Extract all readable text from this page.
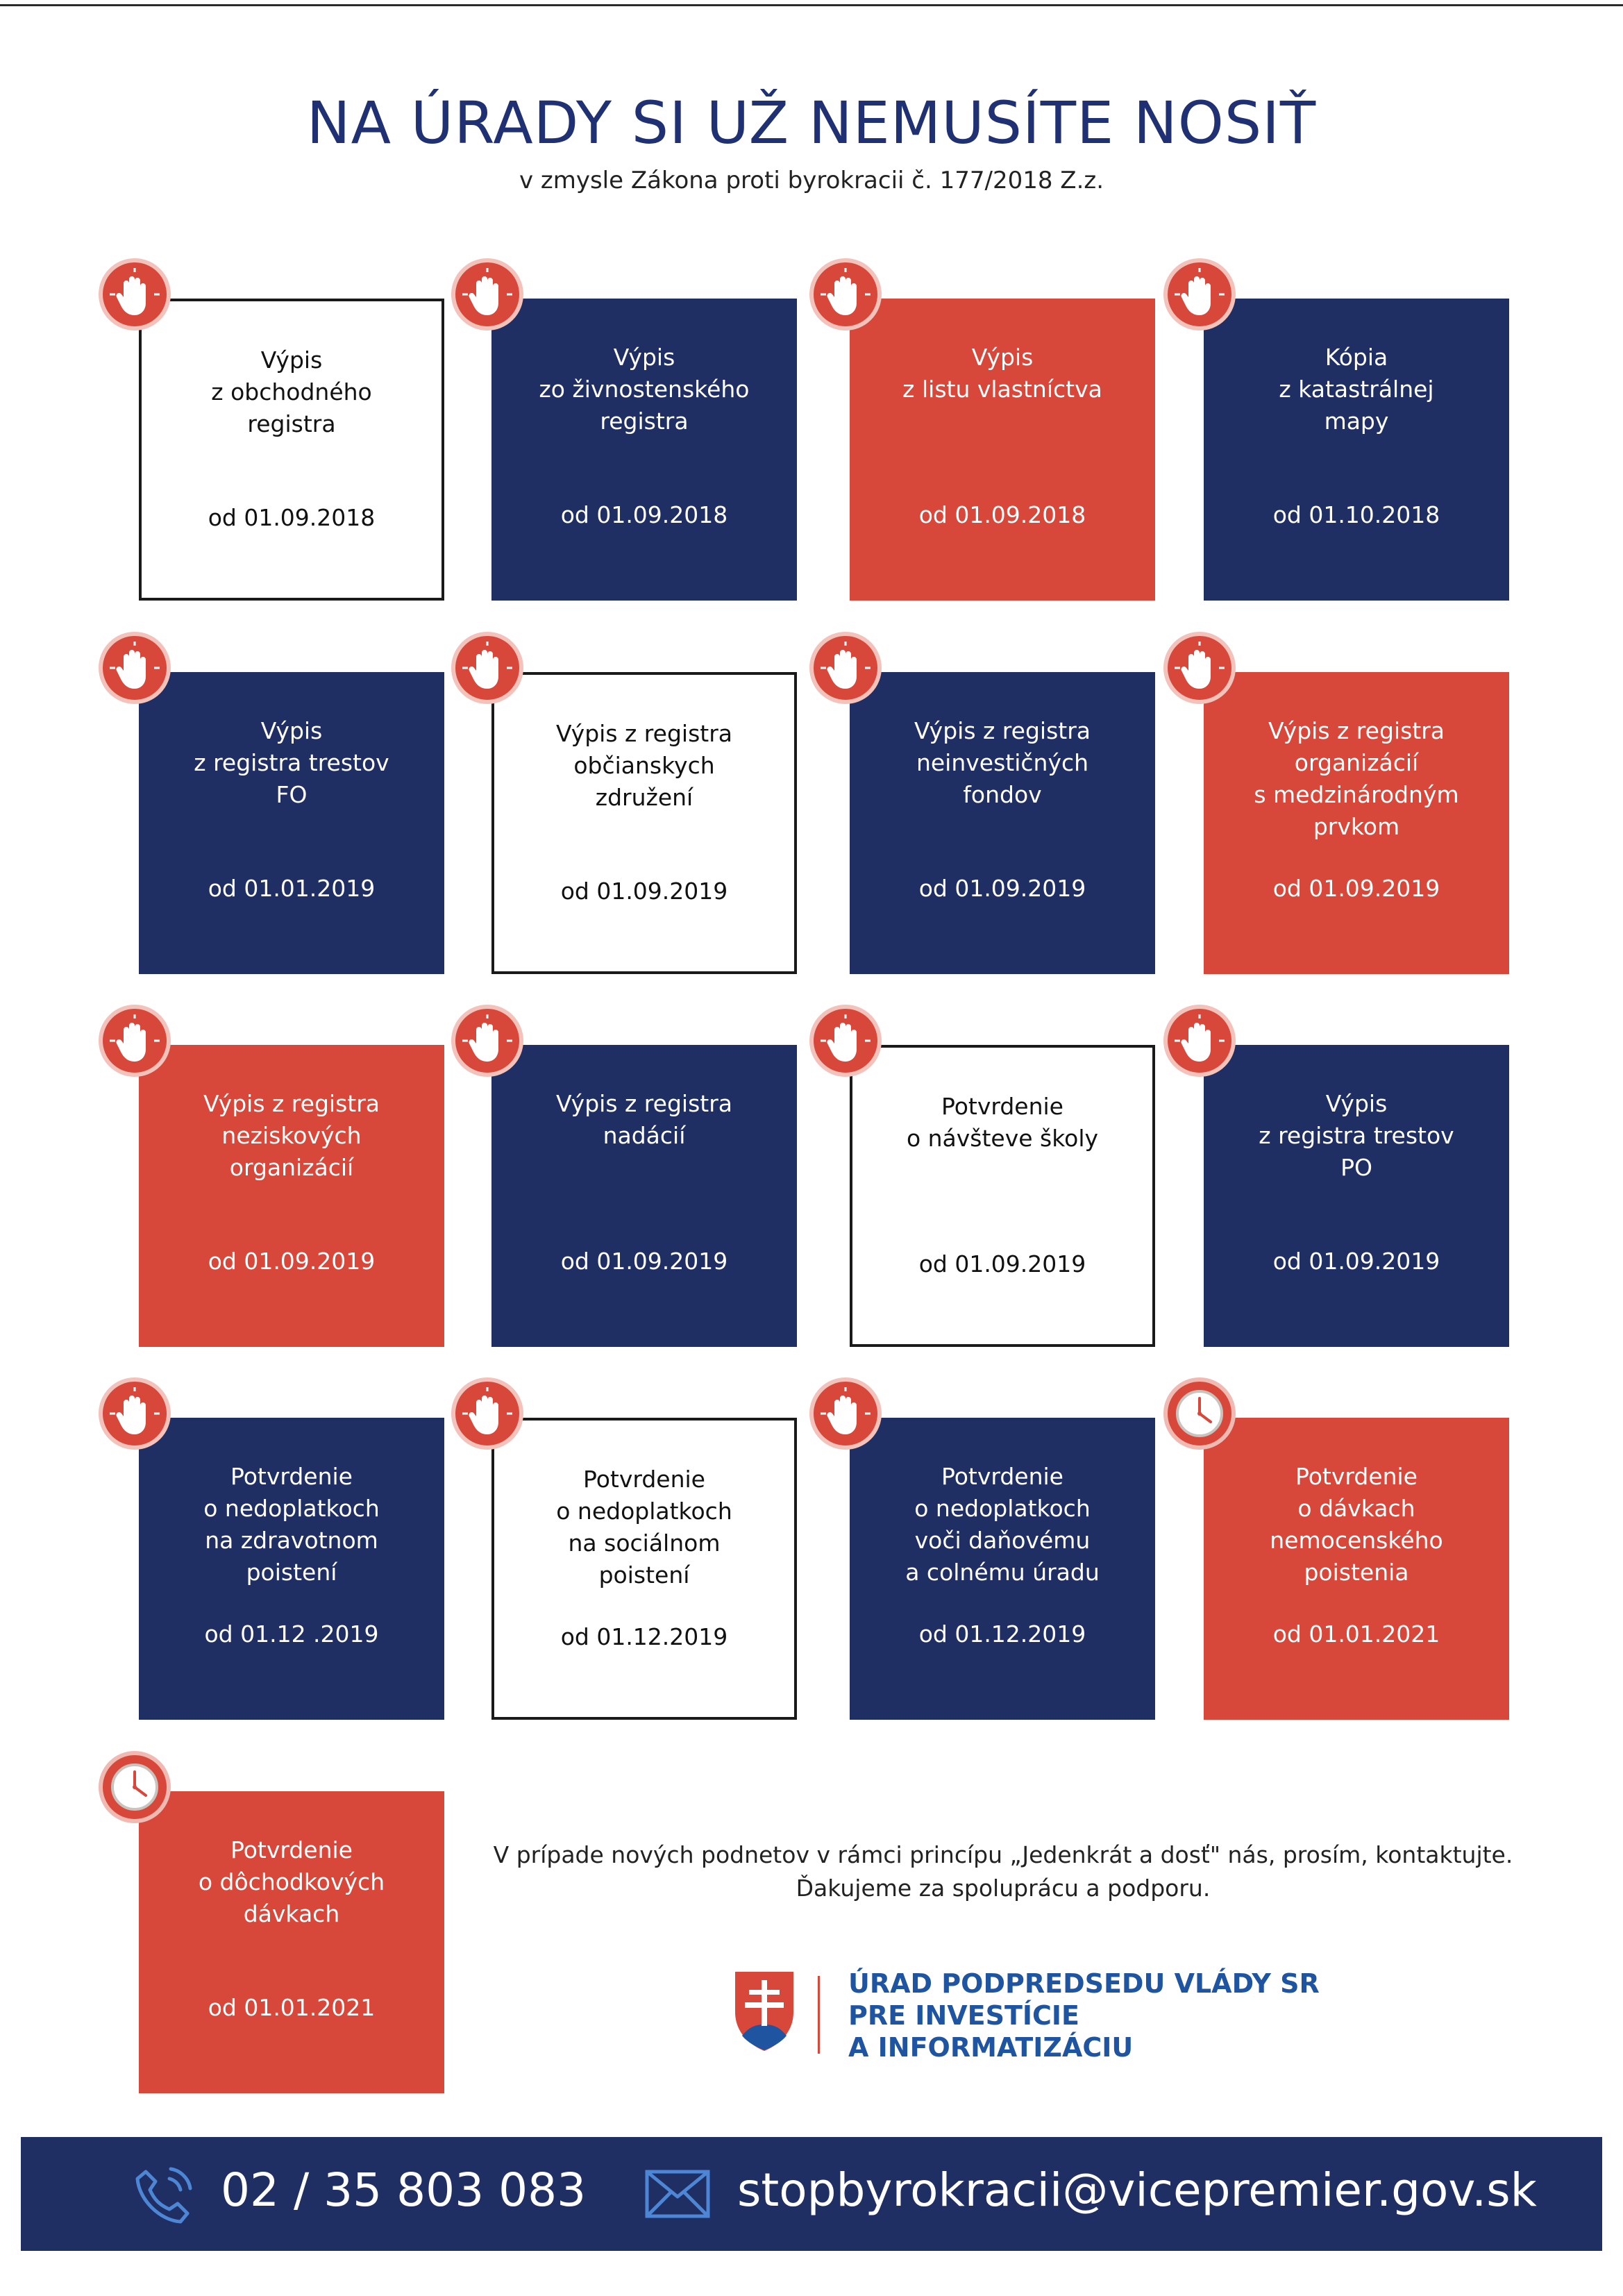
NA ÚRADY SI UŽ NEMUSÍTE NOSIŤ
v zmysle Zákona proti byrokracii č. 177/2018 Z.z.
Výpis
z obchodného
registra
od 01.09.2018
Výpis
zo živnostenského
registra
od 01.09.2018
Výpis
z listu vlastníctva
od 01.09.2018
Kópia
z katastrálnej
mapy
od 01.10.2018
Výpis
z registra trestov
FO
od 01.01.2019
Výpis z registra
občianskych
združení
od 01.09.2019
Výpis z registra
neinvestičných
fondov
od 01.09.2019
Výpis z registra
organizácií
s medzinárodným
prvkom
od 01.09.2019
Výpis z registra
neziskových
organizácií
od 01.09.2019
Výpis z registra
nadácií
od 01.09.2019
Potvrdenie
o návšteve školy
od 01.09.2019
Výpis
z registra trestov
PO
od 01.09.2019
Potvrdenie
o nedoplatkoch
na zdravotnom
poistení
od 01.12 .2019
Potvrdenie
o nedoplatkoch
na sociálnom
poistení
od 01.12.2019
Potvrdenie
o nedoplatkoch
voči daňovému
a colnému úradu
od 01.12.2019
Potvrdenie
o dávkach
nemocenského
poistenia
od 01.01.2021
Potvrdenie
o dôchodkových
dávkach
od 01.01.2021
V prípade nových podnetov v rámci princípu „Jedenkrát a dosť" nás, prosím, kontaktujte.
Ďakujeme za spoluprácu a podporu.
ÚRAD PODPREDSEDU VLÁDY SR
PRE INVESTÍCIE
A INFORMATIZÁCIU
02 / 35 803 083	stopbyrokracii@vicepremier.gov.sk
